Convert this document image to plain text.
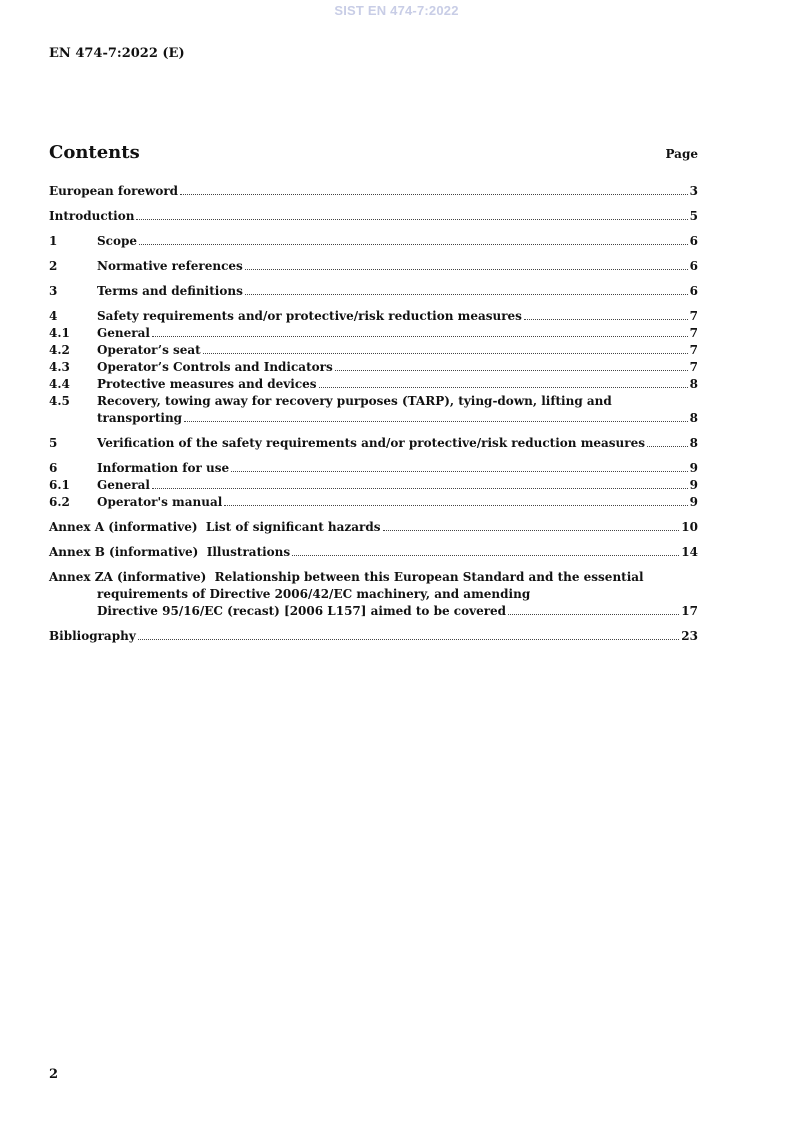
SIST EN 474-7:2022
EN 474-7:2022 (E)
Contents	Page
European foreword	3
Introduction	5
1	Scope	6
2	Normative references	6
3	Terms and definitions	6
4	Safety requirements and/or protective/risk reduction measures	7
4.1	General	7
4.2	Operator’s seat	7
4.3	Operator’s Controls and Indicators	7
4.4	Protective measures and devices	8
4.5	Recovery, towing away for recovery purposes (TARP), tying-down, lifting and
transporting	8
5	Verification of the safety requirements and/or protective/risk reduction measures	8
6	Information for use	9
6.1	General	9
6.2	Operator's manual	9
Annex A (informative)  List of significant hazards	10
Annex B (informative)  Illustrations	14
Annex ZA (informative)  Relationship between this European Standard and the essential
requirements of Directive 2006/42/EC machinery, and amending
Directive 95/16/EC (recast) [2006 L157] aimed to be covered	17
Bibliography	23
2
